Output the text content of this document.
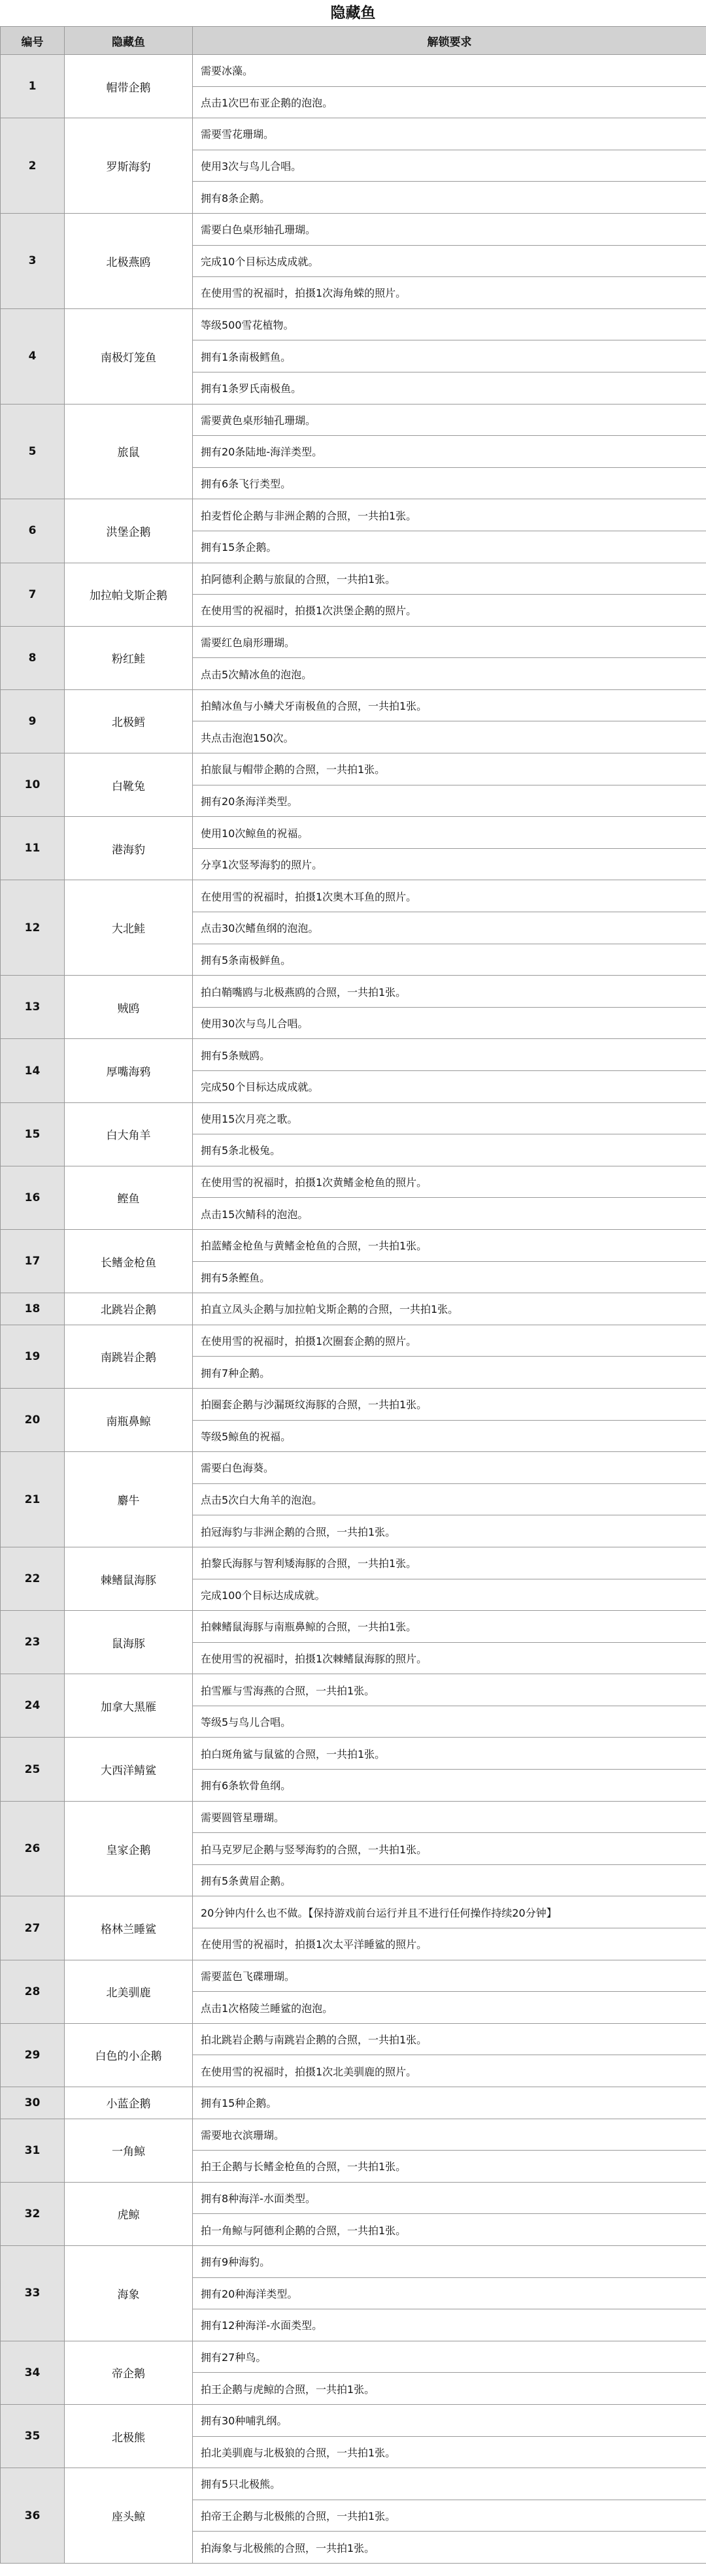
隐藏鱼
编号	隐藏鱼	解锁要求
1	帽带企鹅	需要冰藻。
		点击1次巴布亚企鹅的泡泡。
2	罗斯海豹	需要雪花珊瑚。
		使用3次与鸟儿合唱。
		拥有8条企鹅。
3	北极燕鸥	需要白色桌形轴孔珊瑚。
		完成10个目标达成成就。
		在使用雪的祝福时，拍摄1次海角蝾的照片。
4	南极灯笼鱼	等级500雪花植物。
		拥有1条南极鳕鱼。
		拥有1条罗氏南极鱼。
5	旅鼠	需要黄色桌形轴孔珊瑚。
		拥有20条陆地-海洋类型。
		拥有6条飞行类型。
6	洪堡企鹅	拍麦哲伦企鹅与非洲企鹅的合照，一共拍1张。
		拥有15条企鹅。
7	加拉帕戈斯企鹅	拍阿德利企鹅与旅鼠的合照，一共拍1张。
		在使用雪的祝福时，拍摄1次洪堡企鹅的照片。
8	粉红鲑	需要红色扇形珊瑚。
		点击5次鲭冰鱼的泡泡。
9	北极鳕	拍鲭冰鱼与小鳞犬牙南极鱼的合照，一共拍1张。
		共点击泡泡150次。
10	白靴兔	拍旅鼠与帽带企鹅的合照，一共拍1张。
		拥有20条海洋类型。
11	港海豹	使用10次鲸鱼的祝福。
		分享1次竖琴海豹的照片。
12	大北鲑	在使用雪的祝福时，拍摄1次奥木耳鱼的照片。
		点击30次鳍鱼纲的泡泡。
		拥有5条南极鲜鱼。
13	贼鸥	拍白鞘嘴鸥与北极燕鸥的合照，一共拍1张。
		使用30次与鸟儿合唱。
14	厚嘴海鸦	拥有5条贼鸥。
		完成50个目标达成成就。
15	白大角羊	使用15次月亮之歌。
		拥有5条北极兔。
16	鲣鱼	在使用雪的祝福时，拍摄1次黄鳍金枪鱼的照片。
		点击15次鲭科的泡泡。
17	长鳍金枪鱼	拍蓝鳍金枪鱼与黄鳍金枪鱼的合照，一共拍1张。
		拥有5条鲣鱼。
18	北跳岩企鹅	拍直立凤头企鹅与加拉帕戈斯企鹅的合照，一共拍1张。
19	南跳岩企鹅	在使用雪的祝福时，拍摄1次圈套企鹅的照片。
		拥有7种企鹅。
20	南瓶鼻鲸	拍圈套企鹅与沙漏斑纹海豚的合照，一共拍1张。
		等级5鲸鱼的祝福。
21	麝牛	需要白色海葵。
		点击5次白大角羊的泡泡。
		拍冠海豹与非洲企鹅的合照，一共拍1张。
22	棘鳍鼠海豚	拍黎氏海豚与智利矮海豚的合照，一共拍1张。
		完成100个目标达成成就。
23	鼠海豚	拍棘鳍鼠海豚与南瓶鼻鲸的合照，一共拍1张。
		在使用雪的祝福时，拍摄1次棘鳍鼠海豚的照片。
24	加拿大黑雁	拍雪雁与雪海燕的合照，一共拍1张。
		等级5与鸟儿合唱。
25	大西洋鲭鲨	拍白斑角鲨与鼠鲨的合照，一共拍1张。
		拥有6条软骨鱼纲。
26	皇家企鹅	需要圆管星珊瑚。
		拍马克罗尼企鹅与竖琴海豹的合照，一共拍1张。
		拥有5条黄眉企鹅。
27	格林兰睡鲨	20分钟内什么也不做。【保持游戏前台运行并且不进行任何操作持续20分钟】
		在使用雪的祝福时，拍摄1次太平洋睡鲨的照片。
28	北美驯鹿	需要蓝色飞碟珊瑚。
		点击1次格陵兰睡鲨的泡泡。
29	白色的小企鹅	拍北跳岩企鹅与南跳岩企鹅的合照，一共拍1张。
		在使用雪的祝福时，拍摄1次北美驯鹿的照片。
30	小蓝企鹅	拥有15种企鹅。
31	一角鲸	需要地衣滨珊瑚。
		拍王企鹅与长鳍金枪鱼的合照，一共拍1张。
32	虎鲸	拥有8种海洋-水面类型。
		拍一角鲸与阿德利企鹅的合照，一共拍1张。
33	海象	拥有9种海豹。
		拥有20种海洋类型。
		拥有12种海洋-水面类型。
34	帝企鹅	拥有27种鸟。
		拍王企鹅与虎鲸的合照，一共拍1张。
35	北极熊	拥有30种哺乳纲。
		拍北美驯鹿与北极狼的合照，一共拍1张。
36	座头鲸	拥有5只北极熊。
		拍帝王企鹅与北极熊的合照，一共拍1张。
		拍海象与北极熊的合照，一共拍1张。
